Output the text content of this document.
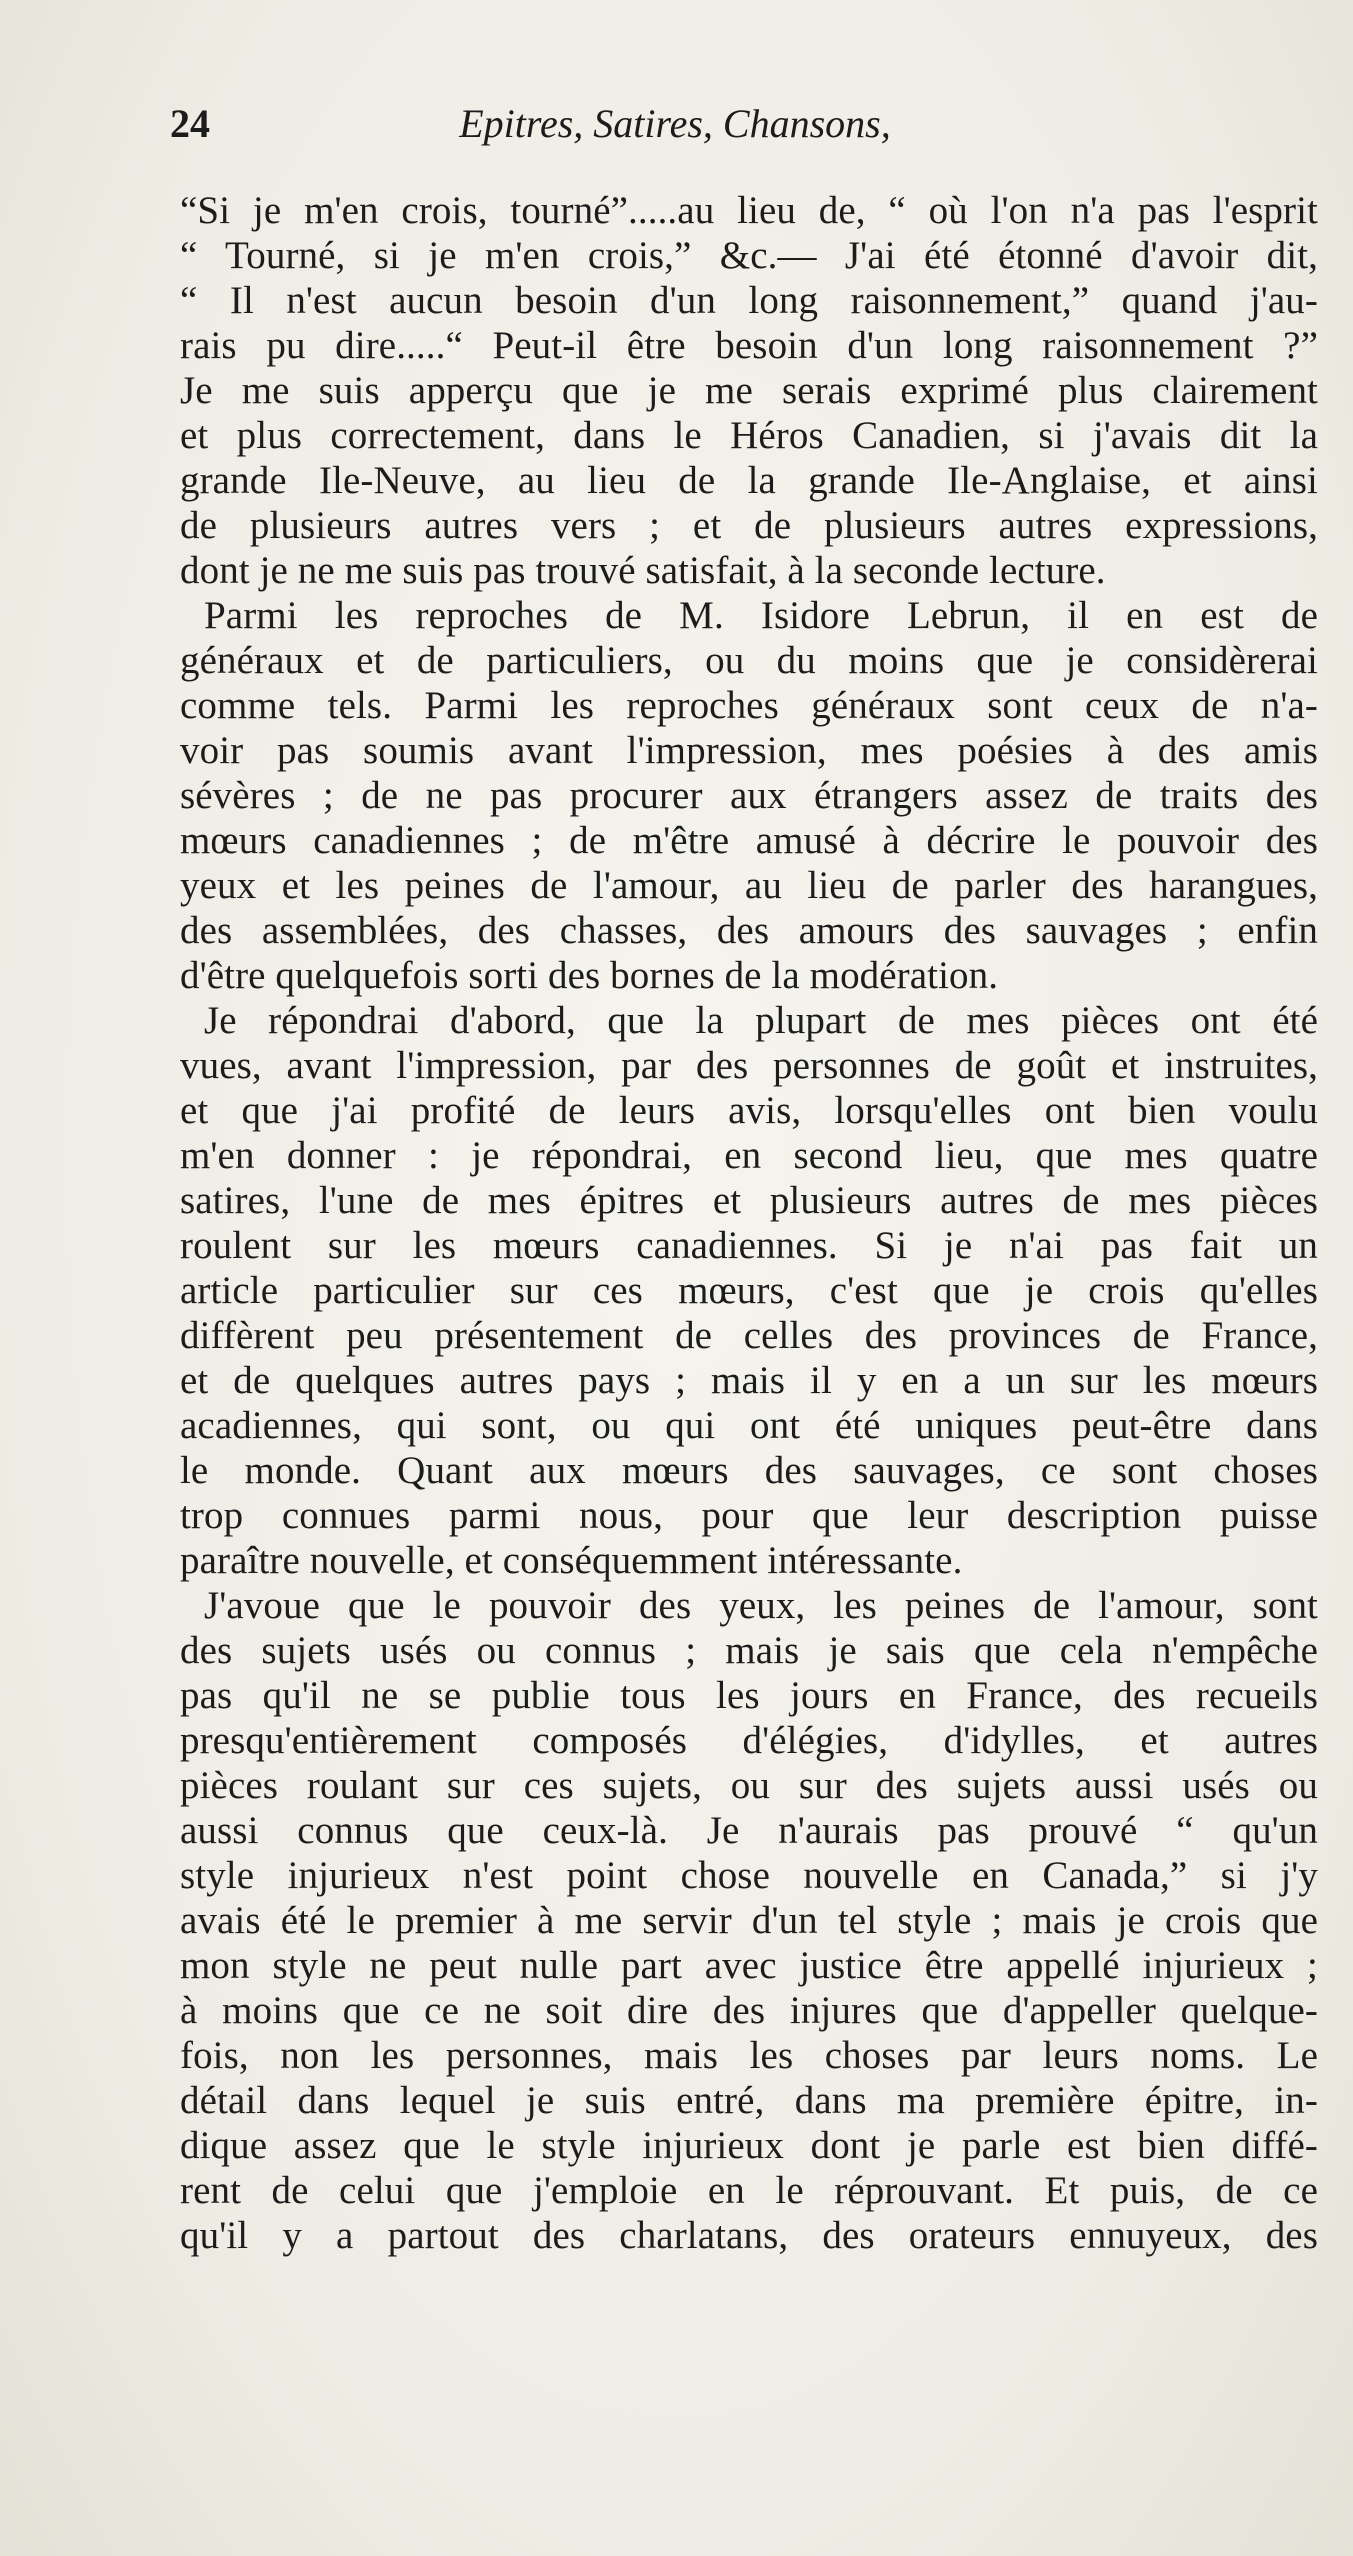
24	Epitres, Satires, Chansons,
“Si je m'en crois, tourné”.....au lieu de, “ où l'on n'a pas l'esprit
“ Tourné, si je m'en crois,” &c.— J'ai été étonné d'avoir dit,
“ Il n'est aucun besoin d'un long raisonnement,” quand j'au-
rais pu dire.....“ Peut-il être besoin d'un long raisonnement ?”
Je me suis apperçu que je me serais exprimé plus clairement
et plus correctement, dans le Héros Canadien, si j'avais dit la
grande Ile-Neuve, au lieu de la grande Ile-Anglaise, et ainsi
de plusieurs autres vers ; et de plusieurs autres expressions,
dont je ne me suis pas trouvé satisfait, à la seconde lecture.
Parmi les reproches de M. Isidore Lebrun, il en est de
généraux et de particuliers, ou du moins que je considèrerai
comme tels. Parmi les reproches généraux sont ceux de n'a-
voir pas soumis avant l'impression, mes poésies à des amis
sévères ; de ne pas procurer aux étrangers assez de traits des
mœurs canadiennes ; de m'être amusé à décrire le pouvoir des
yeux et les peines de l'amour, au lieu de parler des harangues,
des assemblées, des chasses, des amours des sauvages ; enfin
d'être quelquefois sorti des bornes de la modération.
Je répondrai d'abord, que la plupart de mes pièces ont été
vues, avant l'impression, par des personnes de goût et instruites,
et que j'ai profité de leurs avis, lorsqu'elles ont bien voulu
m'en donner : je répondrai, en second lieu, que mes quatre
satires, l'une de mes épitres et plusieurs autres de mes pièces
roulent sur les mœurs canadiennes. Si je n'ai pas fait un
article particulier sur ces mœurs, c'est que je crois qu'elles
diffèrent peu présentement de celles des provinces de France,
et de quelques autres pays ; mais il y en a un sur les mœurs
acadiennes, qui sont, ou qui ont été uniques peut-être dans
le monde. Quant aux mœurs des sauvages, ce sont choses
trop connues parmi nous, pour que leur description puisse
paraître nouvelle, et conséquemment intéressante.
J'avoue que le pouvoir des yeux, les peines de l'amour, sont
des sujets usés ou connus ; mais je sais que cela n'empêche
pas qu'il ne se publie tous les jours en France, des recueils
presqu'entièrement composés d'élégies, d'idylles, et autres
pièces roulant sur ces sujets, ou sur des sujets aussi usés ou
aussi connus que ceux-là. Je n'aurais pas prouvé “ qu'un
style injurieux n'est point chose nouvelle en Canada,” si j'y
avais été le premier à me servir d'un tel style ; mais je crois que
mon style ne peut nulle part avec justice être appellé injurieux ;
à moins que ce ne soit dire des injures que d'appeller quelque-
fois, non les personnes, mais les choses par leurs noms. Le
détail dans lequel je suis entré, dans ma première épitre, in-
dique assez que le style injurieux dont je parle est bien diffé-
rent de celui que j'emploie en le réprouvant. Et puis, de ce
qu'il y a partout des charlatans, des orateurs ennuyeux, des
